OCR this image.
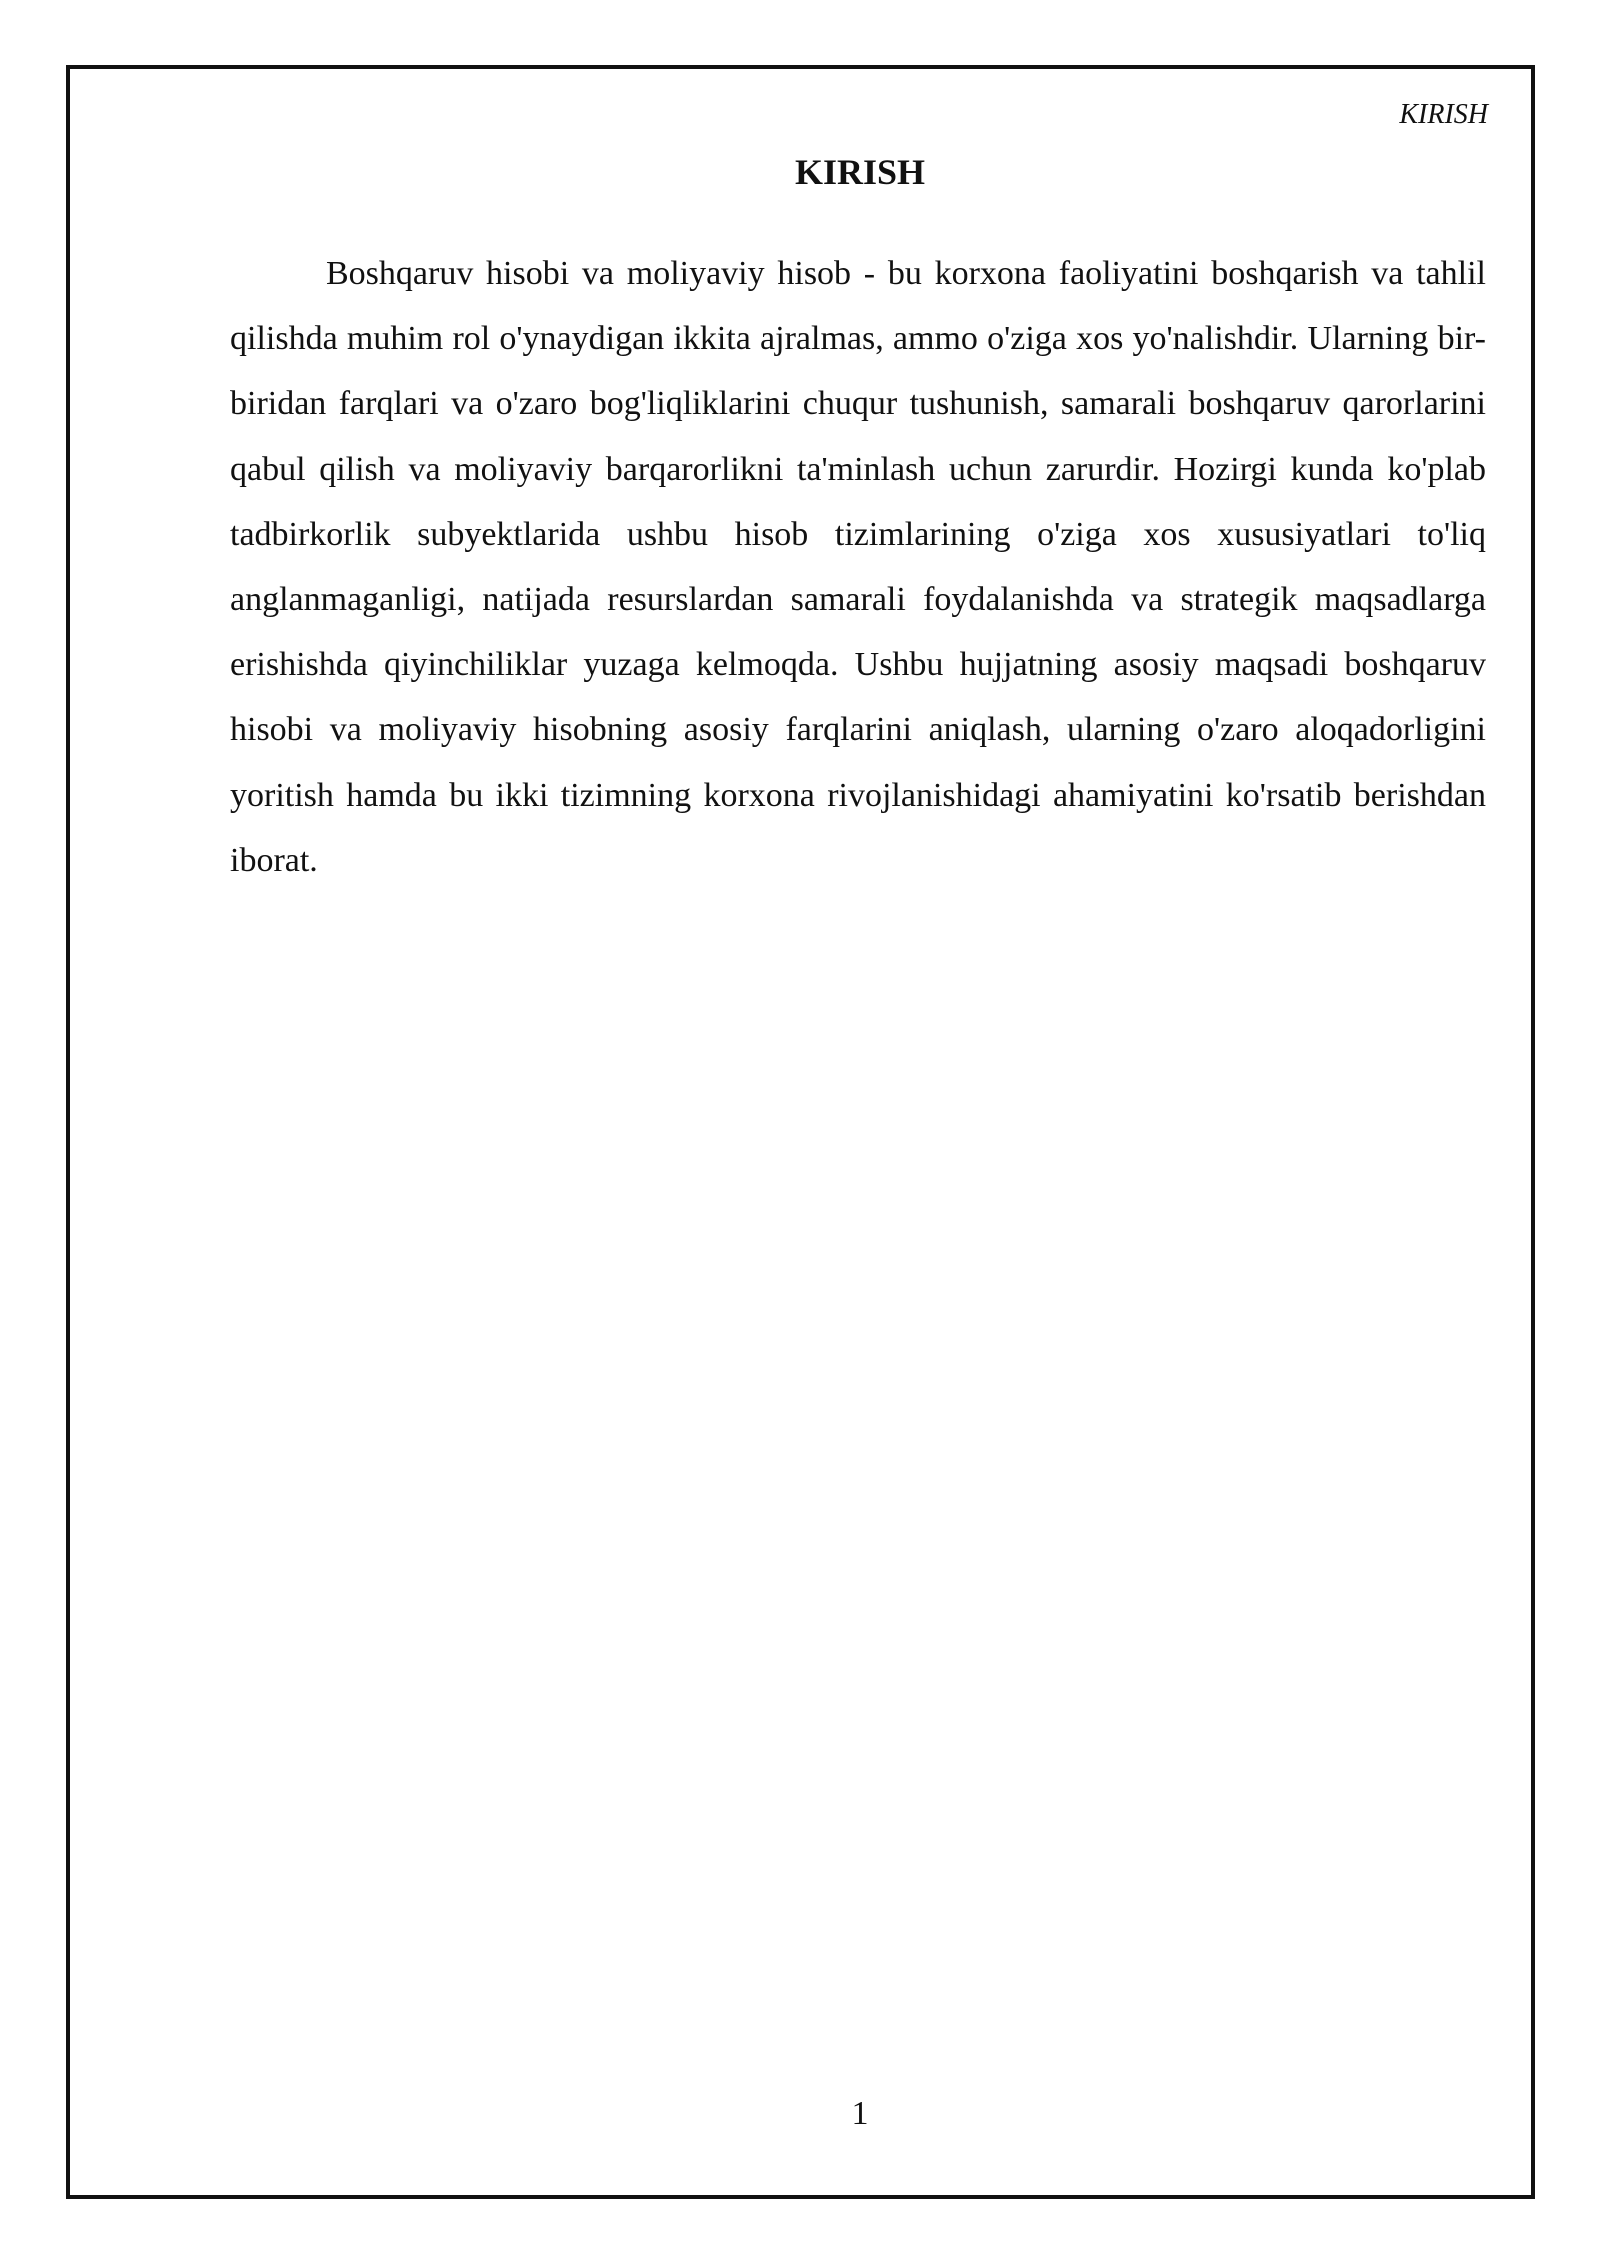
KIRISH
KIRISH

Boshqaruv hisobi va moliyaviy hisob - bu korxona faoliyatini boshqarish va tahlil qilishda muhim rol o'ynaydigan ikkita ajralmas, ammo o'ziga xos yo'nalishdir. Ularning bir-biridan farqlari va o'zaro bog'liqliklarini chuqur tushunish, samarali boshqaruv qarorlarini qabul qilish va moliyaviy barqarorlikni ta'minlash uchun zarurdir. Hozirgi kunda ko'plab tadbirkorlik subyektlarida ushbu hisob tizimlarining o'ziga xos xususiyatlari to'liq anglanmaganligi, natijada resurslardan samarali foydalanishda va strategik maqsadlarga erishishda qiyinchiliklar yuzaga kelmoqda. Ushbu hujjatning asosiy maqsadi boshqaruv hisobi va moliyaviy hisobning asosiy farqlarini aniqlash, ularning o'zaro aloqadorligini yoritish hamda bu ikki tizimning korxona rivojlanishidagi ahamiyatini ko'rsatib berishdan iborat.

1
